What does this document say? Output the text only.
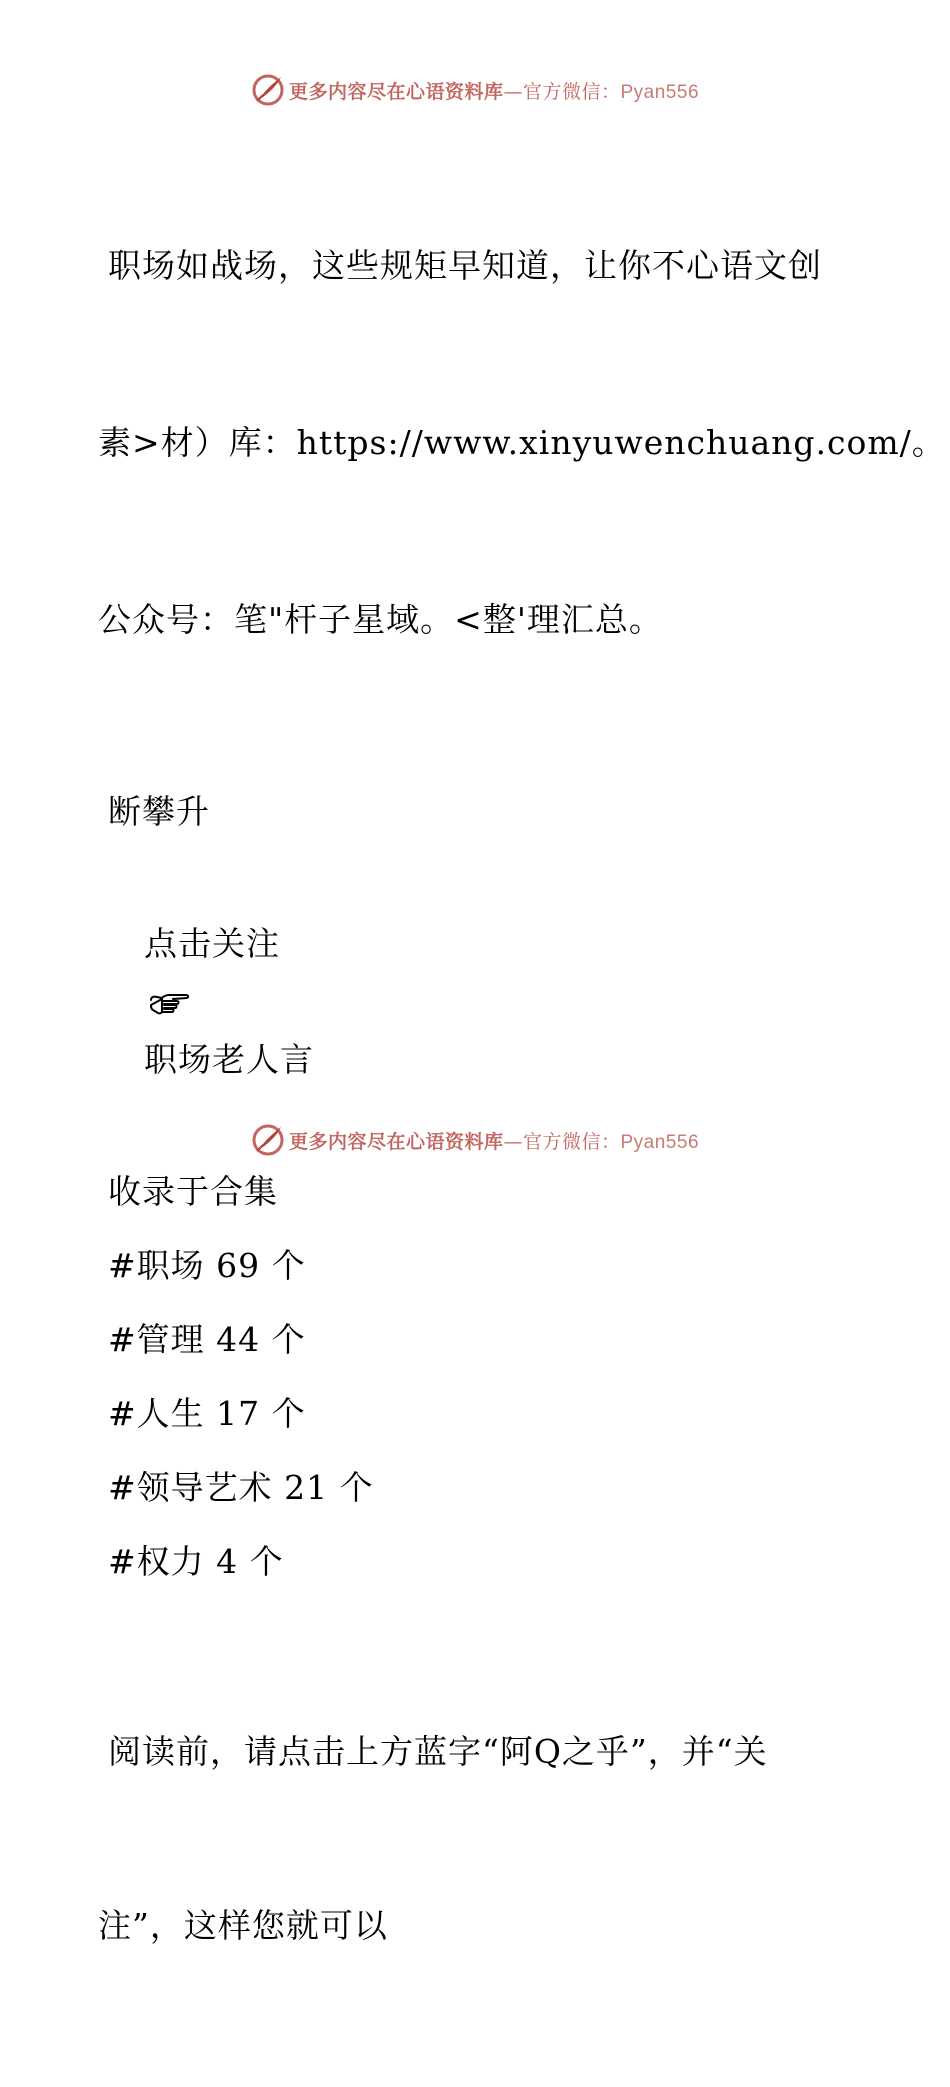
更多内容尽在心语资料库—官方微信：Pyan556

职场如战场，这些规矩早知道，让你不心语文创

素>材）库：https://www.xinyuwenchuang.com/。

公众号：笔"杆子星域。<整'理汇总。

断攀升

点击关注

职场老人言

收录于合集
#职场 69 个
#管理 44 个
#人生 17 个
#领导艺术 21 个
#权力 4 个

阅读前，请点击上方蓝字“阿Q之乎”，并“关

注”，这样您就可以

更多内容尽在心语资料库—官方微信：Pyan556
